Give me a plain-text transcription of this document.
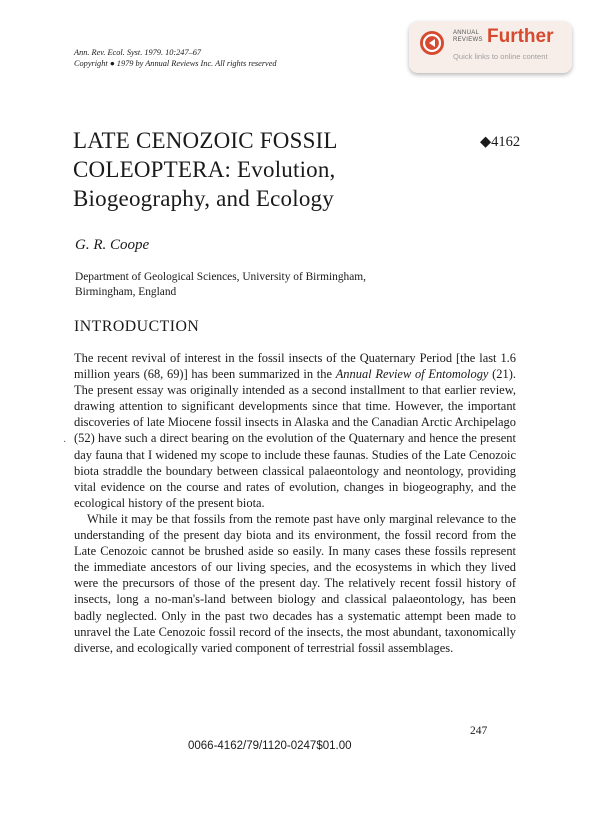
Ann. Rev. Ecol. Syst. 1979. 10:247–67
Copyright ● 1979 by Annual Reviews Inc. All rights reserved
ANNUAL
REVIEWS Further
Quick links to online content
LATE CENOZOIC FOSSIL
COLEOPTERA: Evolution,
Biogeography, and Ecology
◆4162
G. R. Coope
Department of Geological Sciences, University of Birmingham,
Birmingham, England
INTRODUCTION
·

The recent revival of interest in the fossil insects of the Quaternary Period [the last 1.6 million years (68, 69)] has been summarized in the Annual Review of Entomology (21). The present essay was originally intended as a second installment to that earlier review, drawing attention to significant developments since that time. However, the important discoveries of late Miocene fossil insects in Alaska and the Canadian Arctic Archipelago (52) have such a direct bearing on the evolution of the Quaternary and hence the present day fauna that I widened my scope to include these faunas. Studies of the Late Cenozoic biota straddle the boundary between classical palaeontology and neontology, providing vital evidence on the course and rates of evolution, changes in biogeography, and the ecological history of the present biota.

While it may be that fossils from the remote past have only marginal relevance to the understanding of the present day biota and its environment, the fossil record from the Late Cenozoic cannot be brushed aside so easily. In many cases these fossils represent the immediate ancestors of our living species, and the ecosystems in which they lived were the precursors of those of the present day. The relatively recent fossil history of insects, long a no-man's-land between biology and classical palaeontology, has been badly neglected. Only in the past two decades has a systematic attempt been made to unravel the Late Cenozoic fossil record of the insects, the most abundant, taxonomically diverse, and ecologically varied component of terrestrial fossil assemblages.

247
0066-4162/79/1120-0247$01.00
